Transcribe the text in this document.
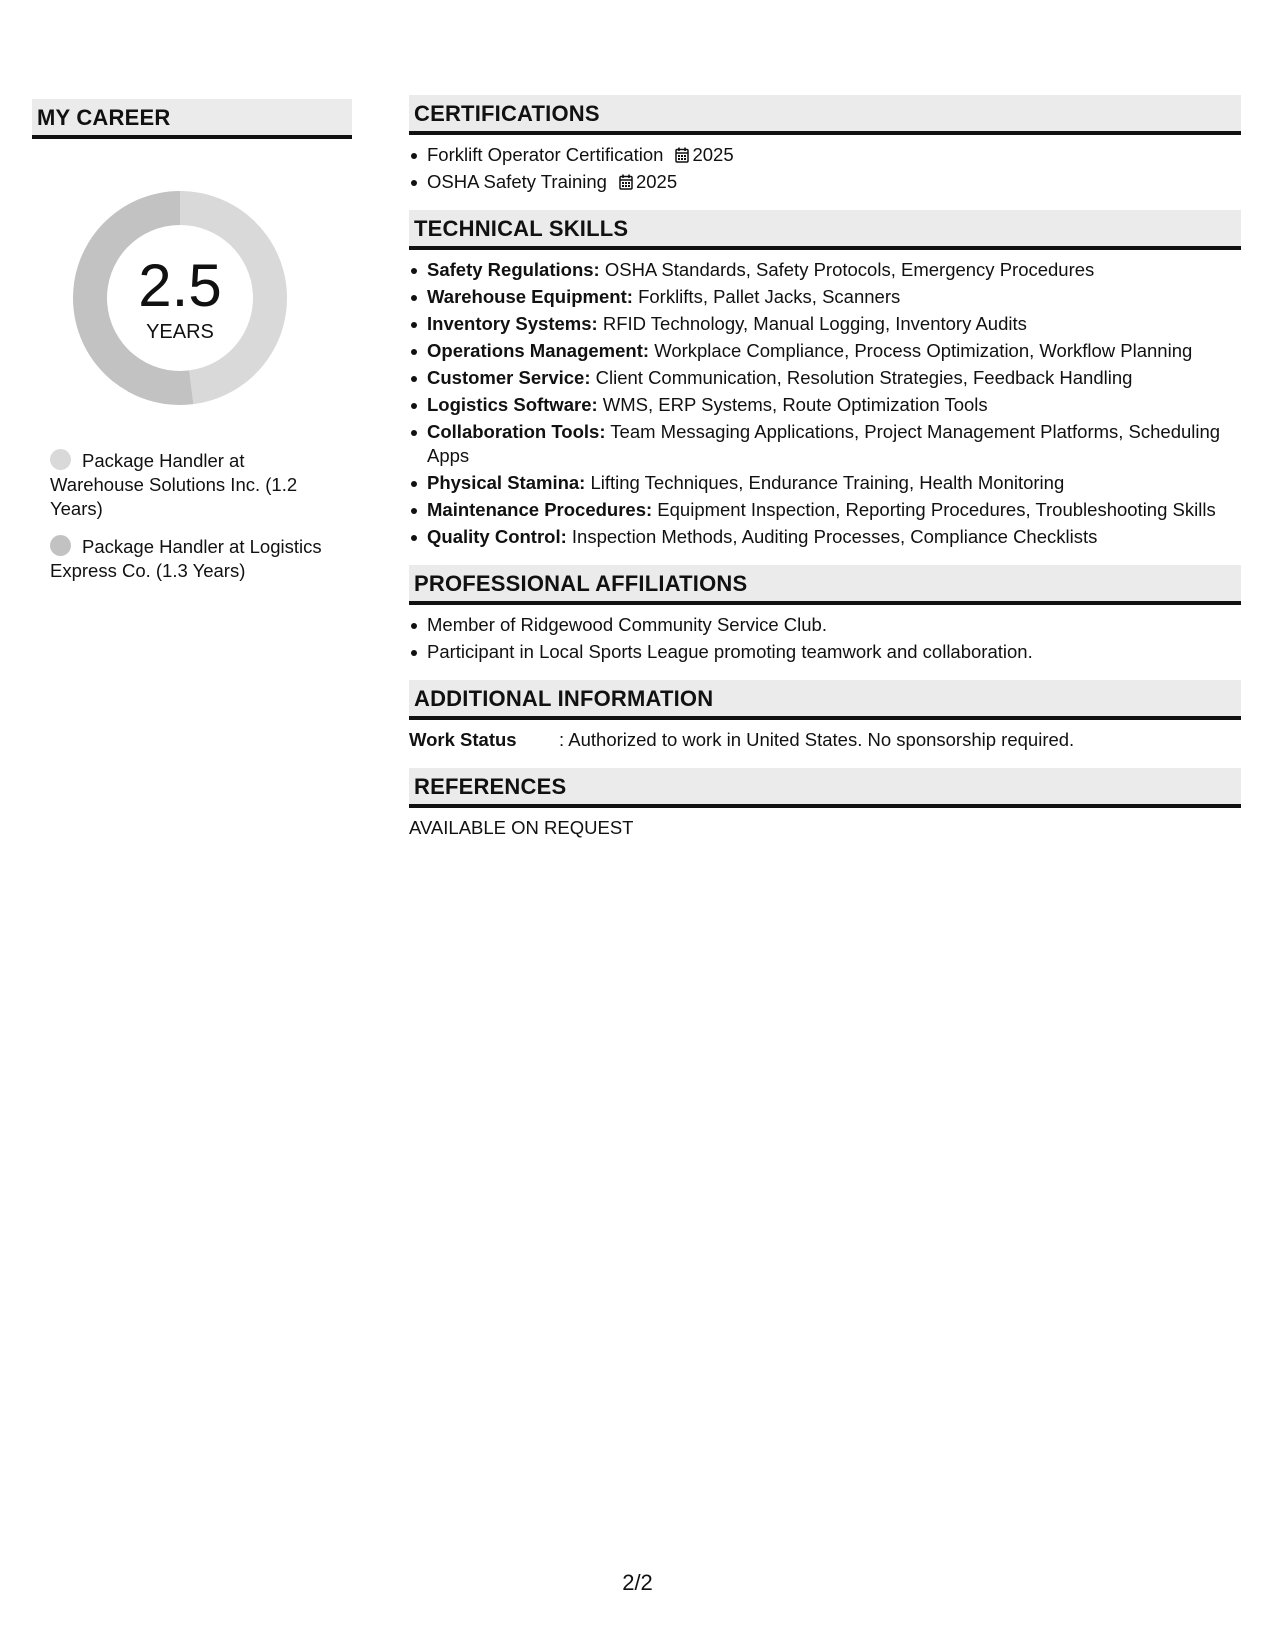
MY CAREER
2.5
YEARS
Package Handler at Warehouse Solutions Inc. (1.2 Years)
Package Handler at Logistics Express Co. (1.3 Years)
CERTIFICATIONS
Forklift Operator Certification 2025
OSHA Safety Training 2025
TECHNICAL SKILLS
Safety Regulations: OSHA Standards, Safety Protocols, Emergency Procedures
Warehouse Equipment: Forklifts, Pallet Jacks, Scanners
Inventory Systems: RFID Technology, Manual Logging, Inventory Audits
Operations Management: Workplace Compliance, Process Optimization, Workflow Planning
Customer Service: Client Communication, Resolution Strategies, Feedback Handling
Logistics Software: WMS, ERP Systems, Route Optimization Tools
Collaboration Tools: Team Messaging Applications, Project Management Platforms, Scheduling Apps
Physical Stamina: Lifting Techniques, Endurance Training, Health Monitoring
Maintenance Procedures: Equipment Inspection, Reporting Procedures, Troubleshooting Skills
Quality Control: Inspection Methods, Auditing Processes, Compliance Checklists
PROFESSIONAL AFFILIATIONS
Member of Ridgewood Community Service Club.
Participant in Local Sports League promoting teamwork and collaboration.
ADDITIONAL INFORMATION
Work Status	: Authorized to work in United States. No sponsorship required.
REFERENCES
AVAILABLE ON REQUEST
2/2
